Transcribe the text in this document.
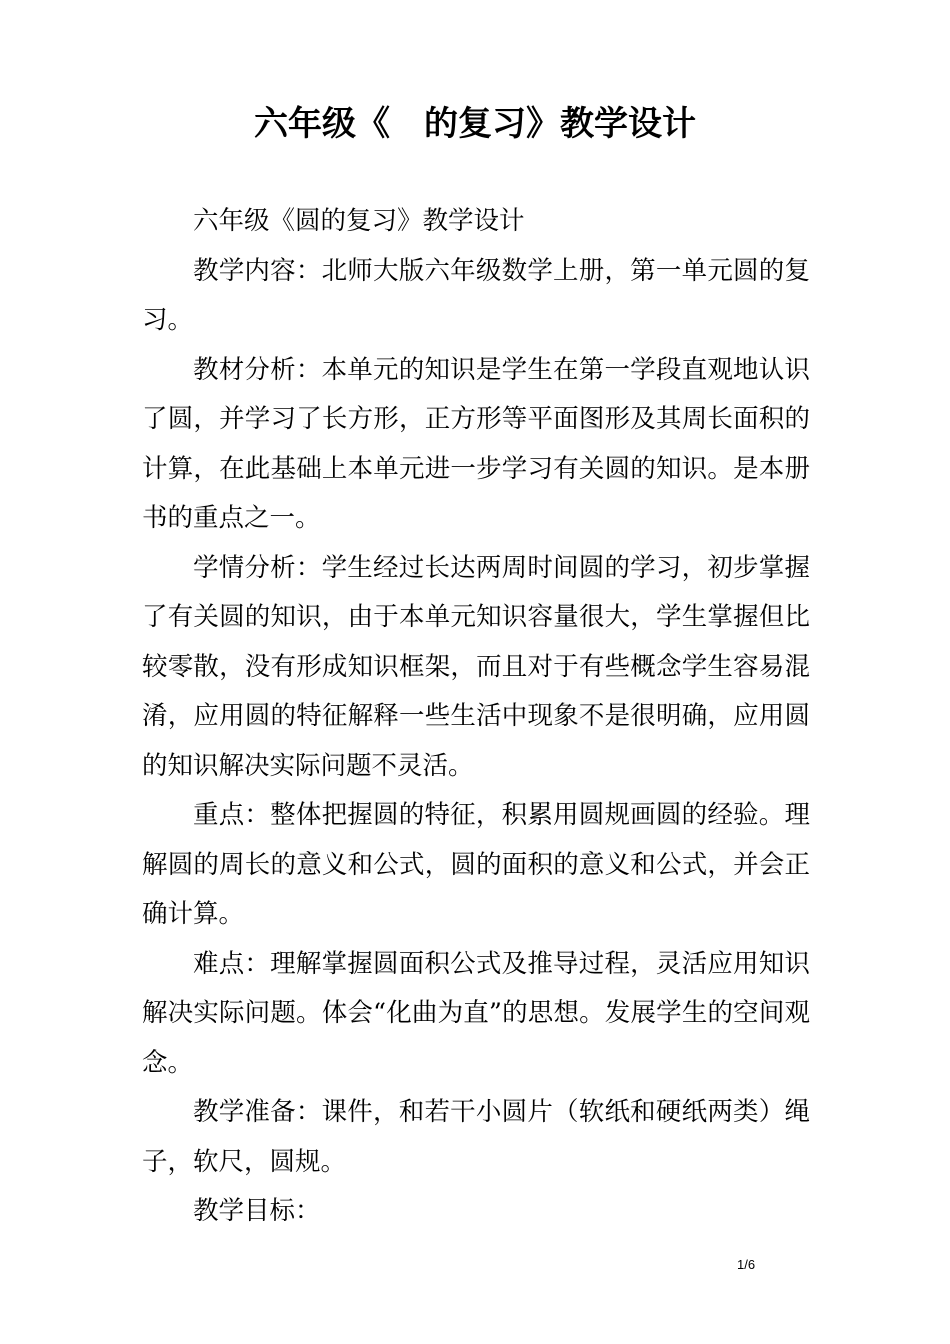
六年级《　的复习》教学设计

六年级《圆的复习》教学设计

教学内容：北师大版六年级数学上册，第一单元圆的复习。

教材分析：本单元的知识是学生在第一学段直观地认识了圆，并学习了长方形，正方形等平面图形及其周长面积的计算，在此基础上本单元进一步学习有关圆的知识。是本册书的重点之一。

学情分析：学生经过长达两周时间圆的学习，初步掌握了有关圆的知识，由于本单元知识容量很大，学生掌握但比较零散，没有形成知识框架，而且对于有些概念学生容易混淆，应用圆的特征解释一些生活中现象不是很明确，应用圆的知识解决实际问题不灵活。

重点：整体把握圆的特征，积累用圆规画圆的经验。理解圆的周长的意义和公式，圆的面积的意义和公式，并会正确计算。

难点：理解掌握圆面积公式及推导过程，灵活应用知识解决实际问题。体会“化曲为直”的思想。发展学生的空间观念。

教学准备：课件，和若干小圆片（软纸和硬纸两类）绳子，软尺，圆规。

教学目标：

1/6
